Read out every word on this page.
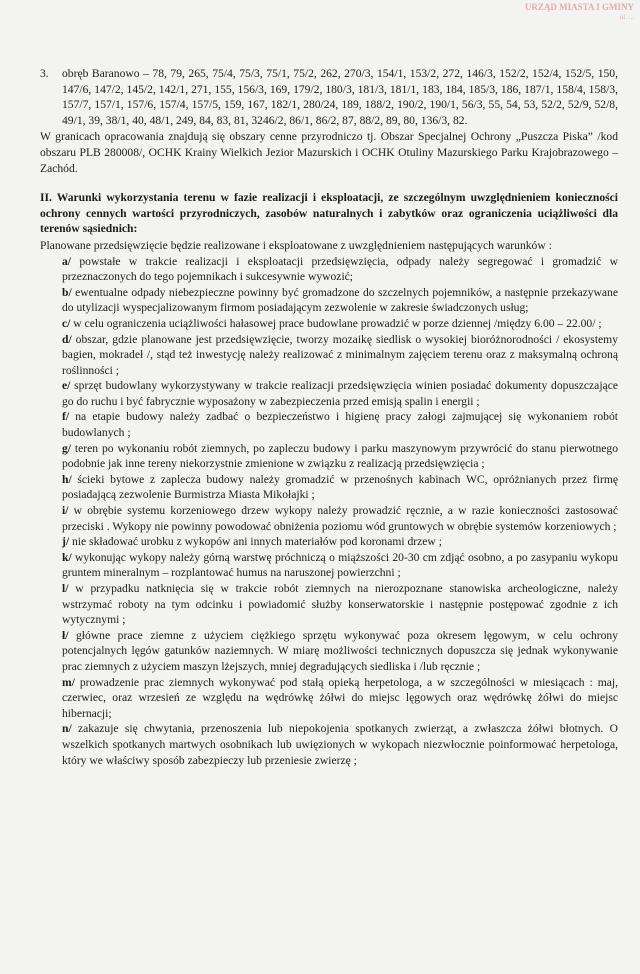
URZĄD MIASTA I GMINY
ul. ...
3.	obręb Baranowo – 78, 79, 265, 75/4, 75/3, 75/1, 75/2, 262, 270/3, 154/1, 153/2, 272, 146/3, 152/2, 152/4, 152/5, 150, 147/6, 147/2, 145/2, 142/1, 271, 155, 156/3, 169, 179/2, 180/3, 181/3, 181/1, 183, 184, 185/3, 186, 187/1, 158/4, 158/3, 157/7, 157/1, 157/6, 157/4, 157/5, 159, 167, 182/1, 280/24, 189, 188/2, 190/2, 190/1, 56/3, 55, 54, 53, 52/2, 52/9, 52/8, 49/1, 39, 38/1, 40, 48/1, 249, 84, 83, 81, 3246/2, 86/1, 86/2, 87, 88/2, 89, 80, 136/3, 82.

W granicach opracowania znajdują się obszary cenne przyrodniczo tj. Obszar Specjalnej Ochrony „Puszcza Piska” /kod obszaru PLB 280008/, OCHK Krainy Wielkich Jezior Mazurskich i OCHK Otuliny Mazurskiego Parku Krajobrazowego – Zachód.

II. Warunki wykorzystania terenu w fazie realizacji i eksploatacji, ze szczególnym uwzględnieniem konieczności ochrony cennych wartości przyrodniczych, zasobów naturalnych i zabytków oraz ograniczenia uciążliwości dla terenów sąsiednich:

Planowane przedsięwzięcie będzie realizowane i eksploatowane z uwzględnieniem następujących warunków :

a/ powstałe w trakcie realizacji i eksploatacji przedsięwzięcia, odpady należy segregować i gromadzić w przeznaczonych do tego pojemnikach i sukcesywnie wywozić;

b/ ewentualne odpady niebezpieczne powinny być gromadzone do szczelnych pojemników, a następnie przekazywane do utylizacji wyspecjalizowanym firmom posiadającym zezwolenie w zakresie świadczonych usług;

c/ w celu ograniczenia uciążliwości hałasowej prace budowlane prowadzić w porze dziennej /między 6.00 – 22.00/ ;

d/ obszar, gdzie planowane jest przedsięwzięcie, tworzy mozaikę siedlisk o wysokiej bioróżnorodności / ekosystemy bagien, mokradeł /, stąd też inwestycję należy realizować z minimalnym zajęciem terenu oraz z maksymalną ochroną roślinności ;

e/ sprzęt budowlany wykorzystywany w trakcie realizacji przedsięwzięcia winien posiadać dokumenty dopuszczające go do ruchu i być fabrycznie wyposażony w zabezpieczenia przed emisją spalin i energii ;

f/ na etapie budowy należy zadbać o bezpieczeństwo i higienę pracy załogi zajmującej się wykonaniem robót budowlanych ;

g/ teren po wykonaniu robót ziemnych, po zapleczu budowy i parku maszynowym przywrócić do stanu pierwotnego podobnie jak inne tereny niekorzystnie zmienione w związku z realizacją przedsięwzięcia ;

h/ ścieki bytowe z zaplecza budowy należy gromadzić w przenośnych kabinach WC, opróżnianych przez firmę posiadającą zezwolenie Burmistrza Miasta Mikołajki ;

i/ w obrębie systemu korzeniowego drzew wykopy należy prowadzić ręcznie, a w razie konieczności zastosować przeciski . Wykopy nie powinny powodować obniżenia poziomu wód gruntowych w obrębie systemów korzeniowych ;

j/ nie składować urobku z wykopów ani innych materiałów pod koronami drzew ;

k/ wykonując wykopy należy górną warstwę próchniczą o miąższości 20-30 cm zdjąć osobno, a po zasypaniu wykopu gruntem mineralnym – rozplantować humus na naruszonej powierzchni ;

l/ w przypadku natknięcia się w trakcie robót ziemnych na nierozpoznane stanowiska archeologiczne, należy wstrzymać roboty na tym odcinku i powiadomić służby konserwatorskie i następnie postępować zgodnie z ich wytycznymi ;

ł/ główne prace ziemne z użyciem ciężkiego sprzętu wykonywać poza okresem lęgowym, w celu ochrony potencjalnych lęgów gatunków naziemnych. W miarę możliwości technicznych dopuszcza się jednak wykonywanie prac ziemnych z użyciem maszyn lżejszych, mniej degradujących siedliska i /lub ręcznie ;

m/ prowadzenie prac ziemnych wykonywać pod stałą opieką herpetologa, a w szczególności w miesiącach : maj, czerwiec, oraz wrzesień ze względu na wędrówkę żółwi do miejsc lęgowych oraz wędrówkę żółwi do miejsc hibernacji;

n/ zakazuje się chwytania, przenoszenia lub niepokojenia spotkanych zwierząt, a zwłaszcza żółwi błotnych. O wszelkich spotkanych martwych osobnikach lub uwięzionych w wykopach niezwłocznie poinformować herpetologa, który we właściwy sposób zabezpieczy lub przeniesie zwierzę ;
